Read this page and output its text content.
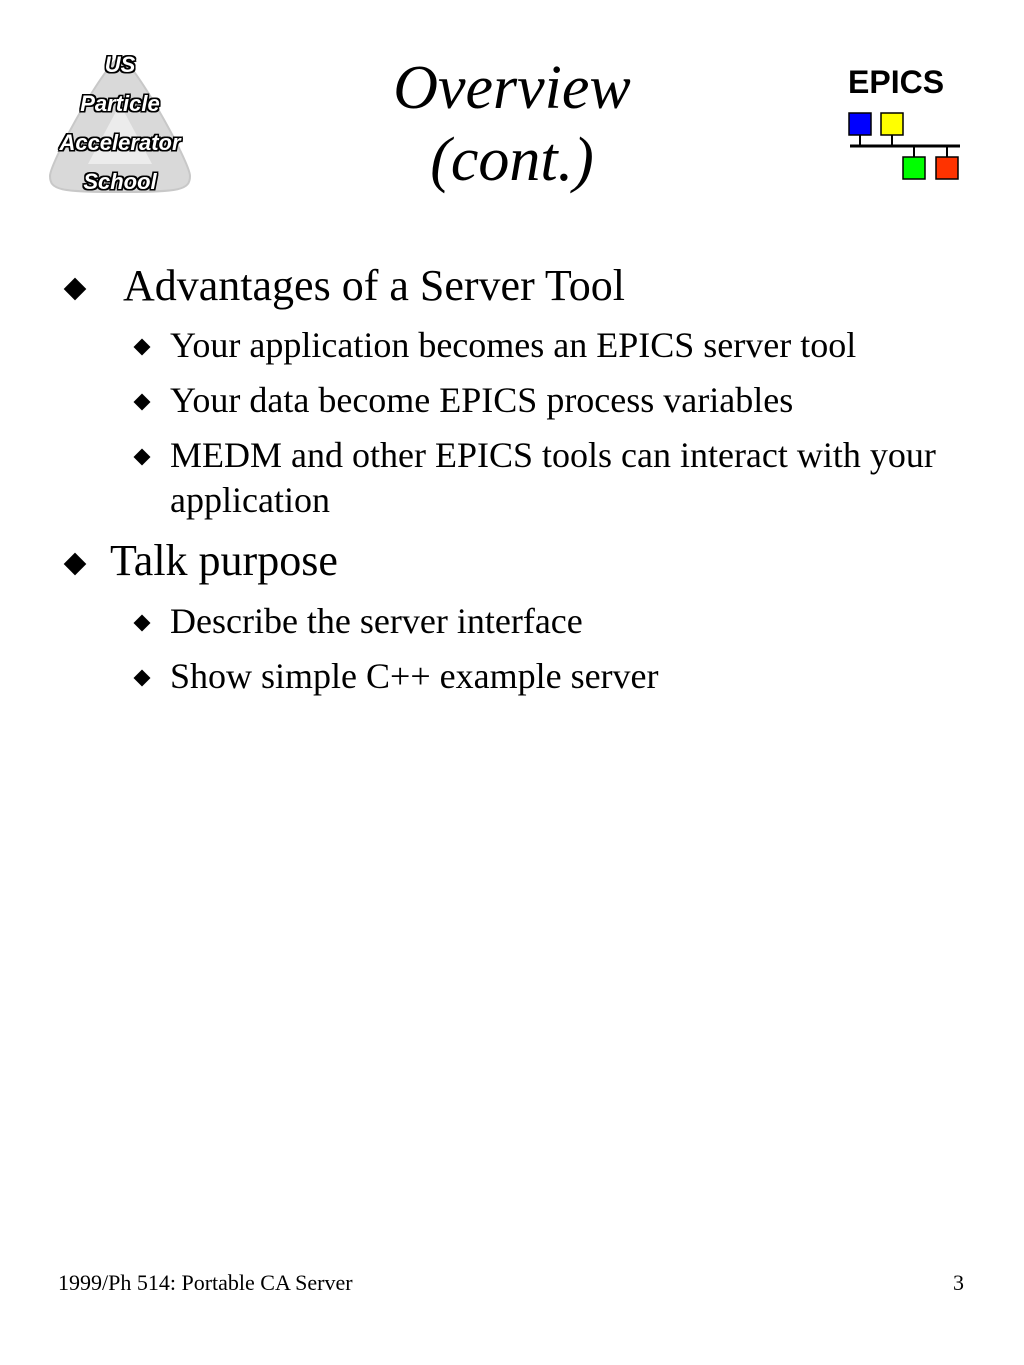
US
Particle
Accelerator
School
Overview
(cont.)
EPICS
Advantages of a Server Tool
Your application becomes an EPICS server tool
Your data become EPICS process variables
MEDM and other EPICS tools can interact with your application
Talk purpose
Describe the server interface
Show simple C++ example server
1999/Ph 514: Portable CA Server	3
